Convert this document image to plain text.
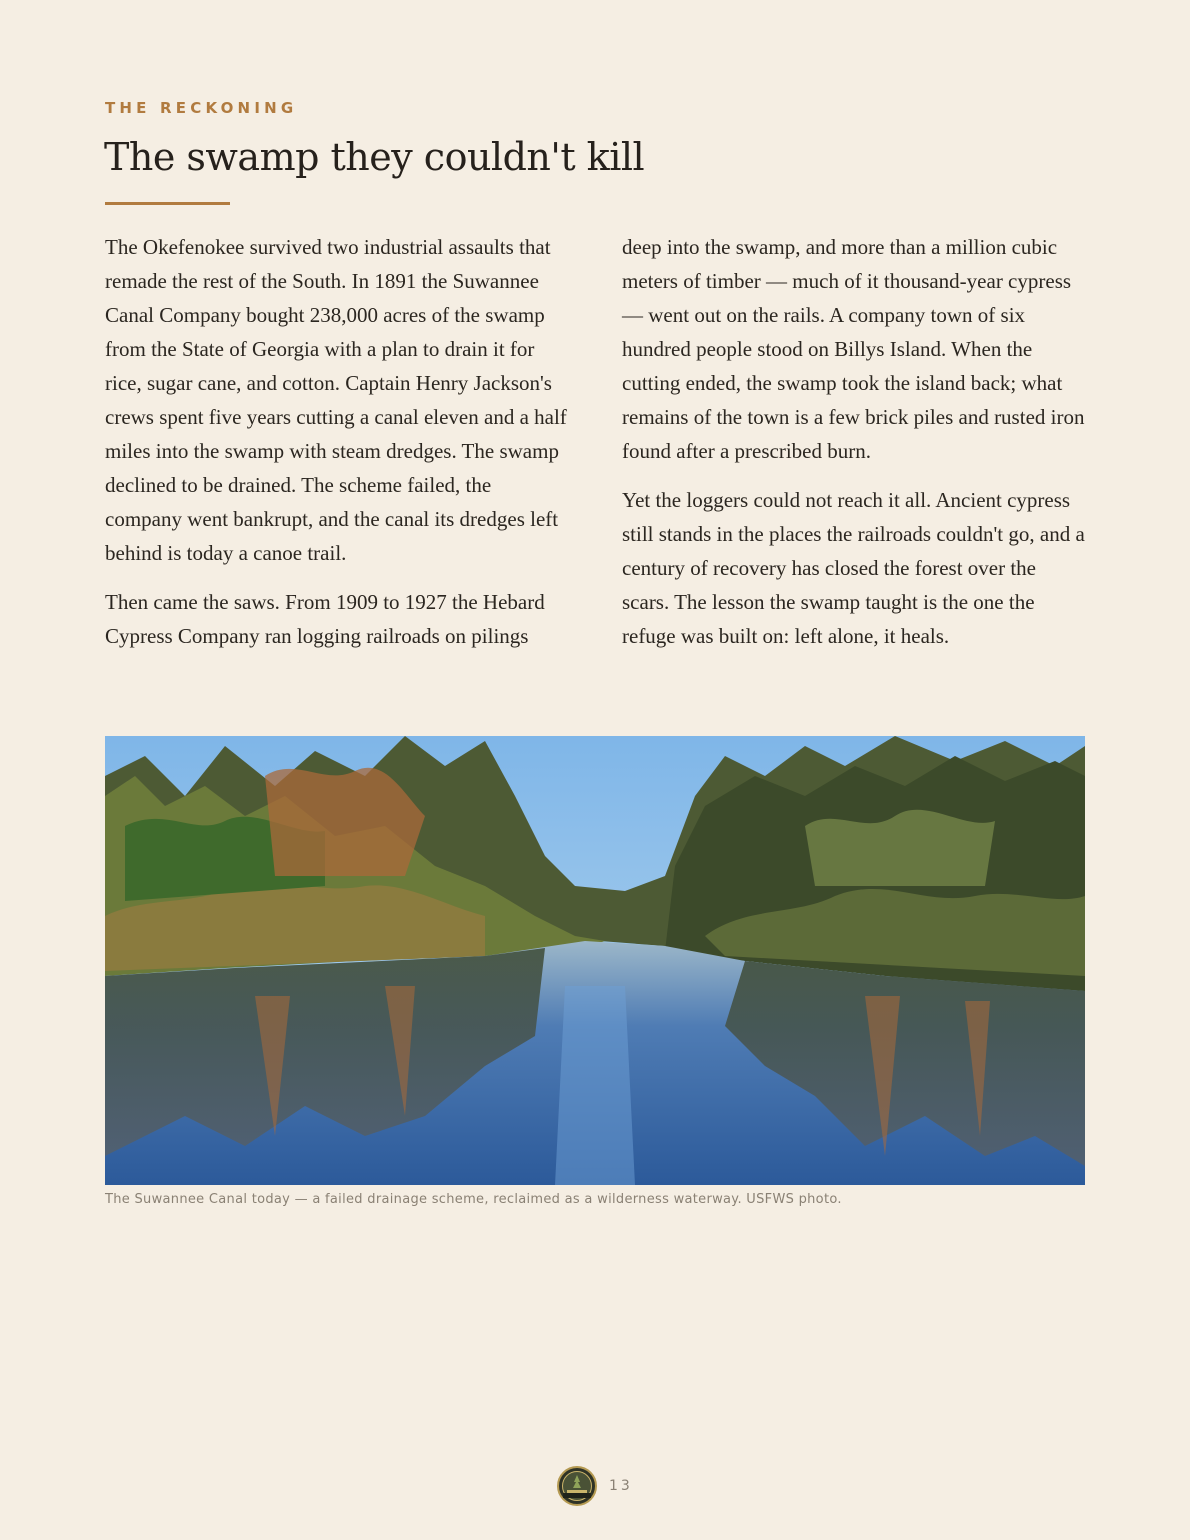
THE RECKONING
The swamp they couldn't kill

The Okefenokee survived two industrial assaults that remade the rest of the South. In 1891 the Suwannee Canal Company bought 238,000 acres of the swamp from the State of Georgia with a plan to drain it for rice, sugar cane, and cotton. Captain Henry Jackson's crews spent five years cutting a canal eleven and a half miles into the swamp with steam dredges. The swamp declined to be drained. The scheme failed, the company went bankrupt, and the canal its dredges left behind is today a canoe trail.

Then came the saws. From 1909 to 1927 the Hebard Cypress Company ran logging railroads on pilings deep into the swamp, and more than a million cubic meters of timber — much of it thousand-year cypress — went out on the rails. A company town of six hundred people stood on Billys Island. When the cutting ended, the swamp took the island back; what remains of the town is a few brick piles and rusted iron found after a prescribed burn.

Yet the loggers could not reach it all. Ancient cypress still stands in the places the railroads couldn't go, and a century of recovery has closed the forest over the scars. The lesson the swamp taught is the one the refuge was built on: left alone, it heals.

The Suwannee Canal today — a failed drainage scheme, reclaimed as a wilderness waterway. USFWS photo.
13
